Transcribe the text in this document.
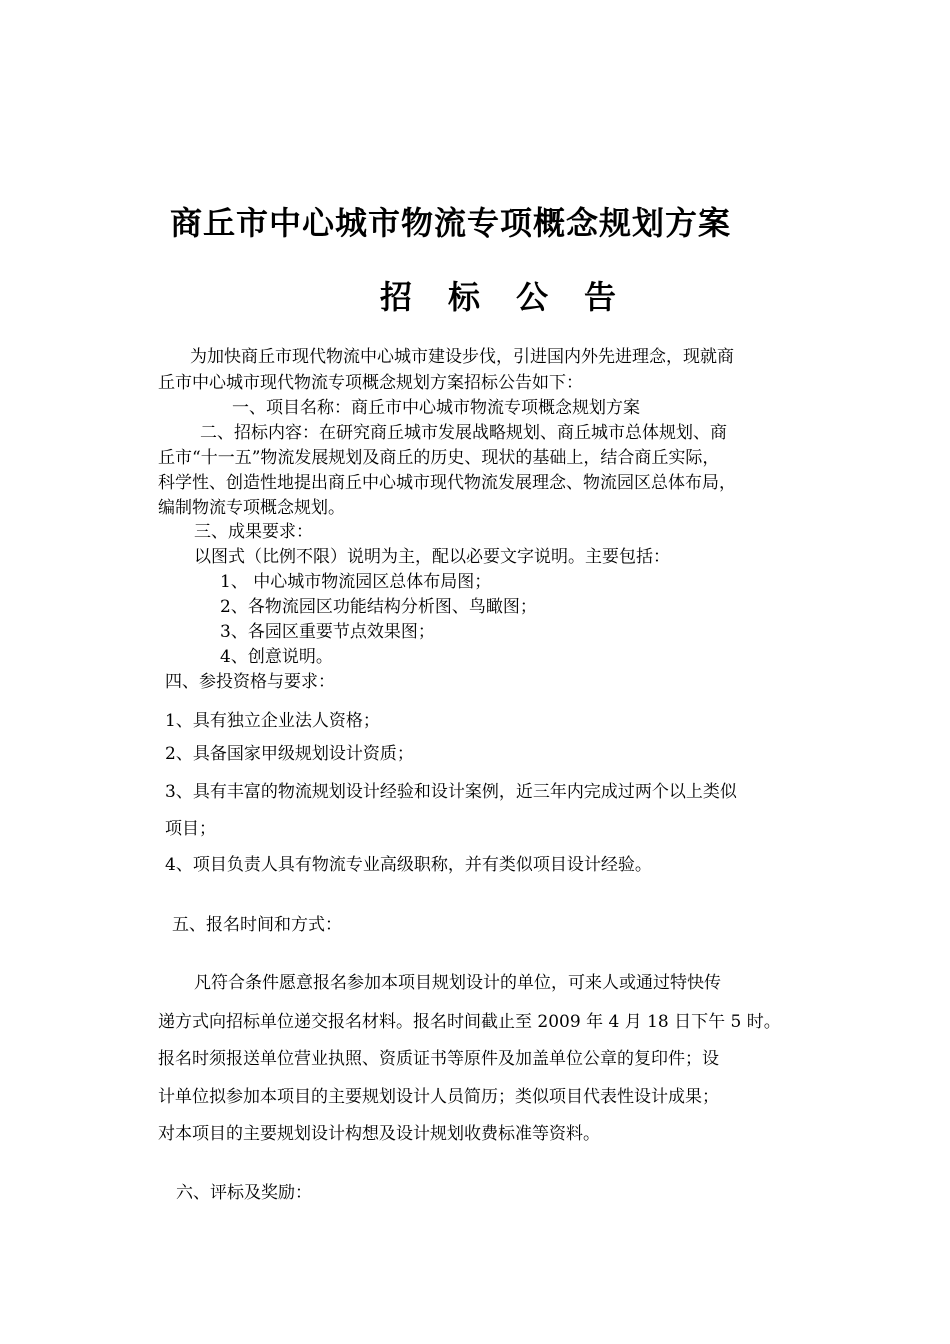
商丘市中心城市物流专项概念规划方案
招标公告
为加快商丘市现代物流中心城市建设步伐，引进国内外先进理念，现就商
丘市中心城市现代物流专项概念规划方案招标公告如下：
一、项目名称：商丘市中心城市物流专项概念规划方案
二、招标内容：在研究商丘城市发展战略规划、商丘城市总体规划、商
丘市“十一五”物流发展规划及商丘的历史、现状的基础上，结合商丘实际，
科学性、创造性地提出商丘中心城市现代物流发展理念、物流园区总体布局，
编制物流专项概念规划。
三、成果要求：
以图式（比例不限）说明为主，配以必要文字说明。主要包括：
1、 中心城市物流园区总体布局图；
2、各物流园区功能结构分析图、鸟瞰图；
3、各园区重要节点效果图；
4、创意说明。
四、参投资格与要求：
1、具有独立企业法人资格；
2、具备国家甲级规划设计资质；
3、具有丰富的物流规划设计经验和设计案例，近三年内完成过两个以上类似
项目；
4、项目负责人具有物流专业高级职称，并有类似项目设计经验。
五、报名时间和方式：
凡符合条件愿意报名参加本项目规划设计的单位，可来人或通过特快传
递方式向招标单位递交报名材料。报名时间截止至 2009 年 4 月 18 日下午 5 时。
报名时须报送单位营业执照、资质证书等原件及加盖单位公章的复印件；设
计单位拟参加本项目的主要规划设计人员简历；类似项目代表性设计成果；
对本项目的主要规划设计构想及设计规划收费标准等资料。
六、评标及奖励：
